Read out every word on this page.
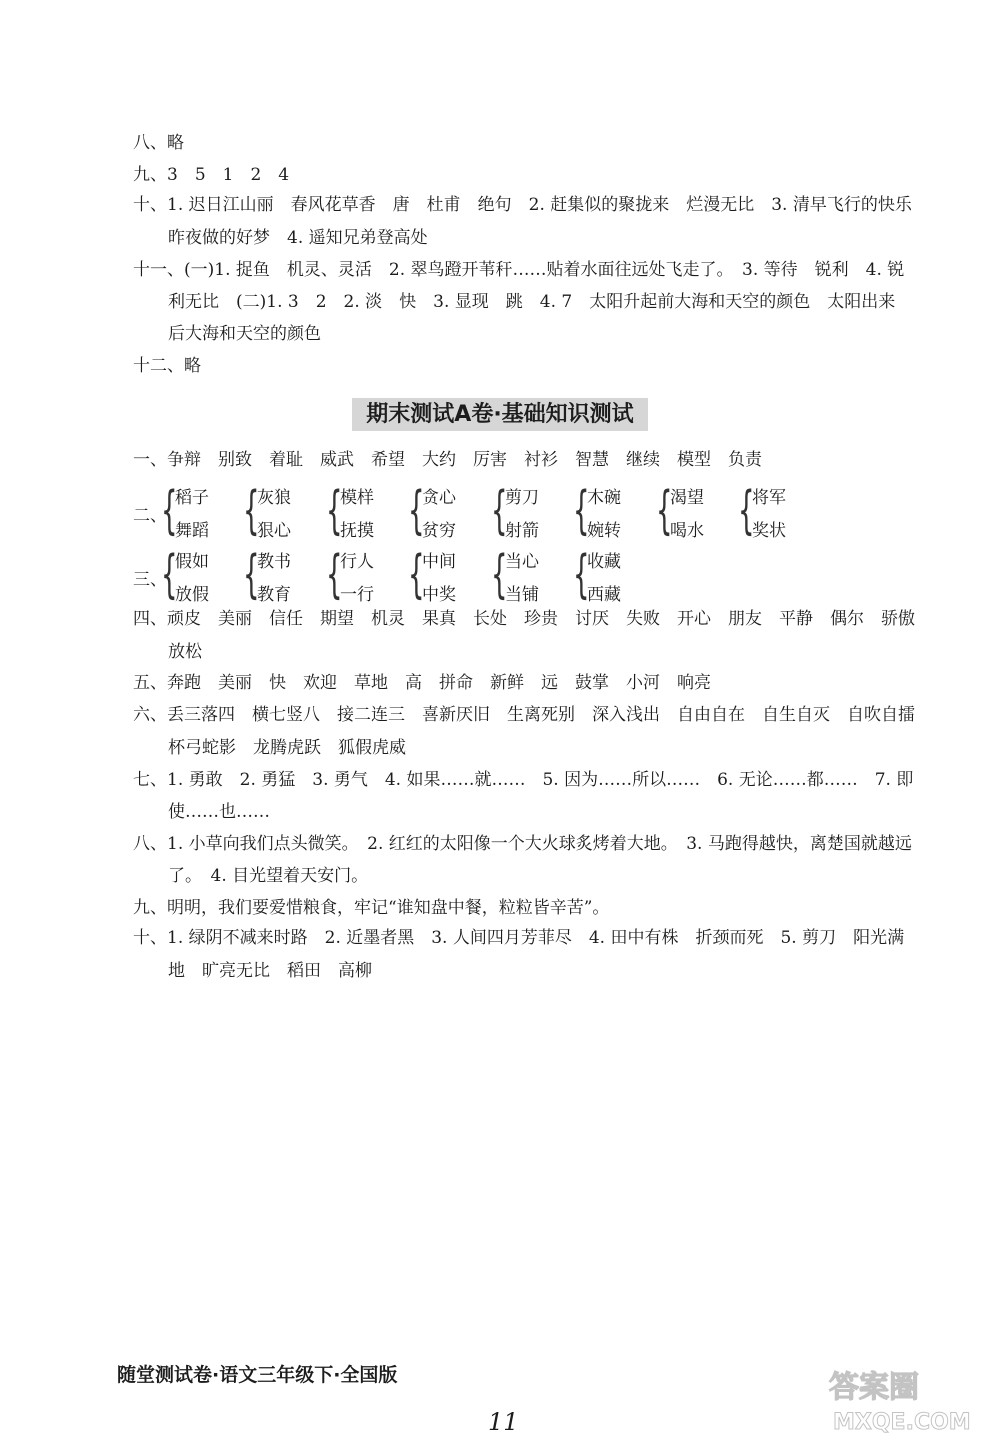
八、略
九、3　5　1　2　4
十、1. 迟日江山丽　春风花草香　唐　杜甫　绝句　2. 赶集似的聚拢来　烂漫无比　3. 清早飞行的快乐
昨夜做的好梦　4. 遥知兄弟登高处
十一、(一)1. 捉鱼　机灵、灵活　2. 翠鸟蹬开苇秆……贴着水面往远处飞走了。　3. 等待　锐利　4. 锐
利无比　(二)1. 3　2　2. 淡　快　3. 显现　跳　4. 7　太阳升起前大海和天空的颜色　太阳出来
后大海和天空的颜色
十二、略
期末测试A卷·基础知识测试
一、争辩　别致　着耻　威武　希望　大约　厉害　衬衫　智慧　继续　模型　负责
二、
{
稻子
舞蹈 {
灰狼
狠心 {
模样
抚摸 {
贪心
贫穷 {
剪刀
射箭 {
木碗
婉转 {
渴望
喝水 {
将军
奖状
三、
{
假如
放假 {
教书
教育 {
行人
一行 {
中间
中奖 {
当心
当铺 {
收藏
西藏
四、顽皮　美丽　信任　期望　机灵　果真　长处　珍贵　讨厌　失败　开心　朋友　平静　偶尔　骄傲
放松
五、奔跑　美丽　快　欢迎　草地　高　拼命　新鲜　远　鼓掌　小河　响亮
六、丢三落四　横七竖八　接二连三　喜新厌旧　生离死别　深入浅出　自由自在　自生自灭　自吹自擂
杯弓蛇影　龙腾虎跃　狐假虎威
七、1. 勇敢　2. 勇猛　3. 勇气　4. 如果……就……　5. 因为……所以……　6. 无论……都……　7. 即
使……也……
八、1. 小草向我们点头微笑。　2. 红红的太阳像一个大火球炙烤着大地。　3. 马跑得越快，离楚国就越远
了。　4. 目光望着天安门。
九、明明，我们要爱惜粮食，牢记“谁知盘中餐，粒粒皆辛苦”。
十、1. 绿阴不减来时路　2. 近墨者黑　3. 人间四月芳菲尽　4. 田中有株　折颈而死　5. 剪刀　阳光满
地　旷亮无比　稻田　高柳
随堂测试卷·语文三年级下·全国版
11
答案圈
MXQE.COM
